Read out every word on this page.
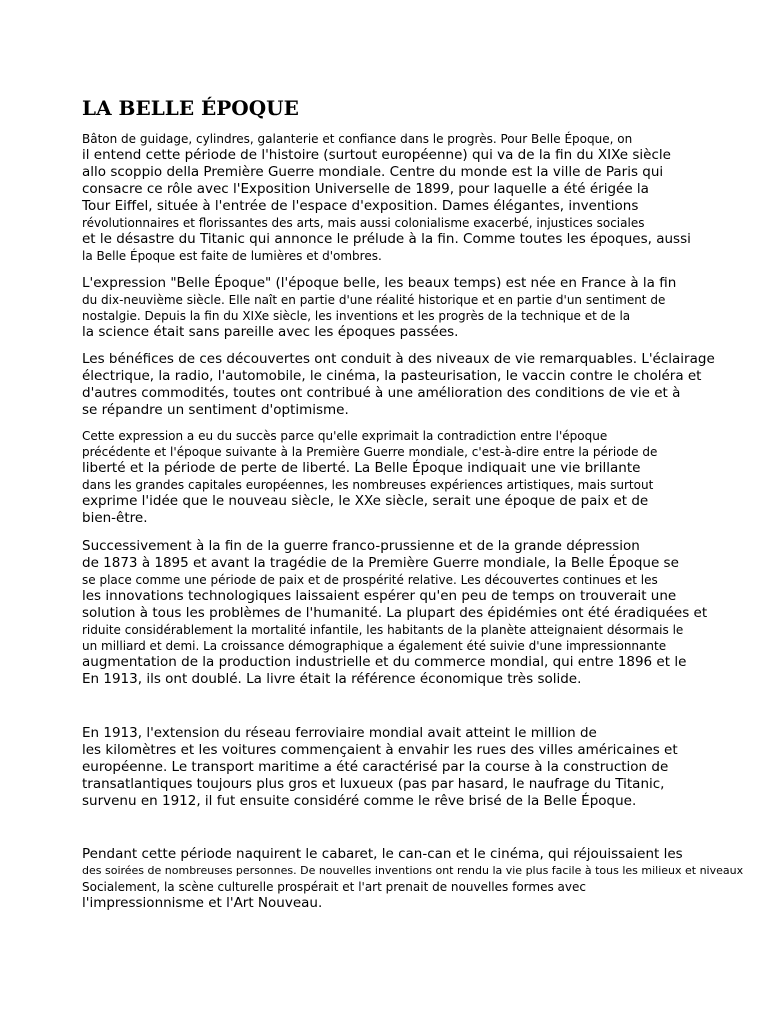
LA BELLE ÉPOQUE
Bâton de guidage, cylindres, galanterie et confiance dans le progrès. Pour Belle Époque, on
il entend cette période de l'histoire (surtout européenne) qui va de la fin du XIXe siècle
allo scoppio della Première Guerre mondiale. Centre du monde est la ville de Paris qui
consacre ce rôle avec l'Exposition Universelle de 1899, pour laquelle a été érigée la
Tour Eiffel, située à l'entrée de l'espace d'exposition. Dames élégantes, inventions
révolutionnaires et florissantes des arts, mais aussi colonialisme exacerbé, injustices sociales
et le désastre du Titanic qui annonce le prélude à la fin. Comme toutes les époques, aussi
la Belle Époque est faite de lumières et d'ombres.
L'expression "Belle Époque" (l'époque belle, les beaux temps) est née en France à la fin
du dix-neuvième siècle. Elle naît en partie d'une réalité historique et en partie d'un sentiment de
nostalgie. Depuis la fin du XIXe siècle, les inventions et les progrès de la technique et de la
la science était sans pareille avec les époques passées.
Les bénéfices de ces découvertes ont conduit à des niveaux de vie remarquables. L'éclairage
électrique, la radio, l'automobile, le cinéma, la pasteurisation, le vaccin contre le choléra et
d'autres commodités, toutes ont contribué à une amélioration des conditions de vie et à
se répandre un sentiment d'optimisme.
Cette expression a eu du succès parce qu'elle exprimait la contradiction entre l'époque
précédente et l'époque suivante à la Première Guerre mondiale, c'est-à-dire entre la période de
liberté et la période de perte de liberté. La Belle Époque indiquait une vie brillante
dans les grandes capitales européennes, les nombreuses expériences artistiques, mais surtout
exprime l'idée que le nouveau siècle, le XXe siècle, serait une époque de paix et de
bien-être.
Successivement à la fin de la guerre franco-prussienne et de la grande dépression
de 1873 à 1895 et avant la tragédie de la Première Guerre mondiale, la Belle Époque se
se place comme une période de paix et de prospérité relative. Les découvertes continues et les
les innovations technologiques laissaient espérer qu'en peu de temps on trouverait une
solution à tous les problèmes de l'humanité. La plupart des épidémies ont été éradiquées et
riduite considérablement la mortalité infantile, les habitants de la planète atteignaient désormais le
un milliard et demi. La croissance démographique a également été suivie d'une impressionnante
augmentation de la production industrielle et du commerce mondial, qui entre 1896 et le
En 1913, ils ont doublé. La livre était la référence économique très solide.
En 1913, l'extension du réseau ferroviaire mondial avait atteint le million de
les kilomètres et les voitures commençaient à envahir les rues des villes américaines et
européenne. Le transport maritime a été caractérisé par la course à la construction de
transatlantiques toujours plus gros et luxueux (pas par hasard, le naufrage du Titanic,
survenu en 1912, il fut ensuite considéré comme le rêve brisé de la Belle Époque.
Pendant cette période naquirent le cabaret, le can-can et le cinéma, qui réjouissaient les
des soirées de nombreuses personnes. De nouvelles inventions ont rendu la vie plus facile à tous les milieux et niveaux
Socialement, la scène culturelle prospérait et l'art prenait de nouvelles formes avec
l'impressionnisme et l'Art Nouveau.
